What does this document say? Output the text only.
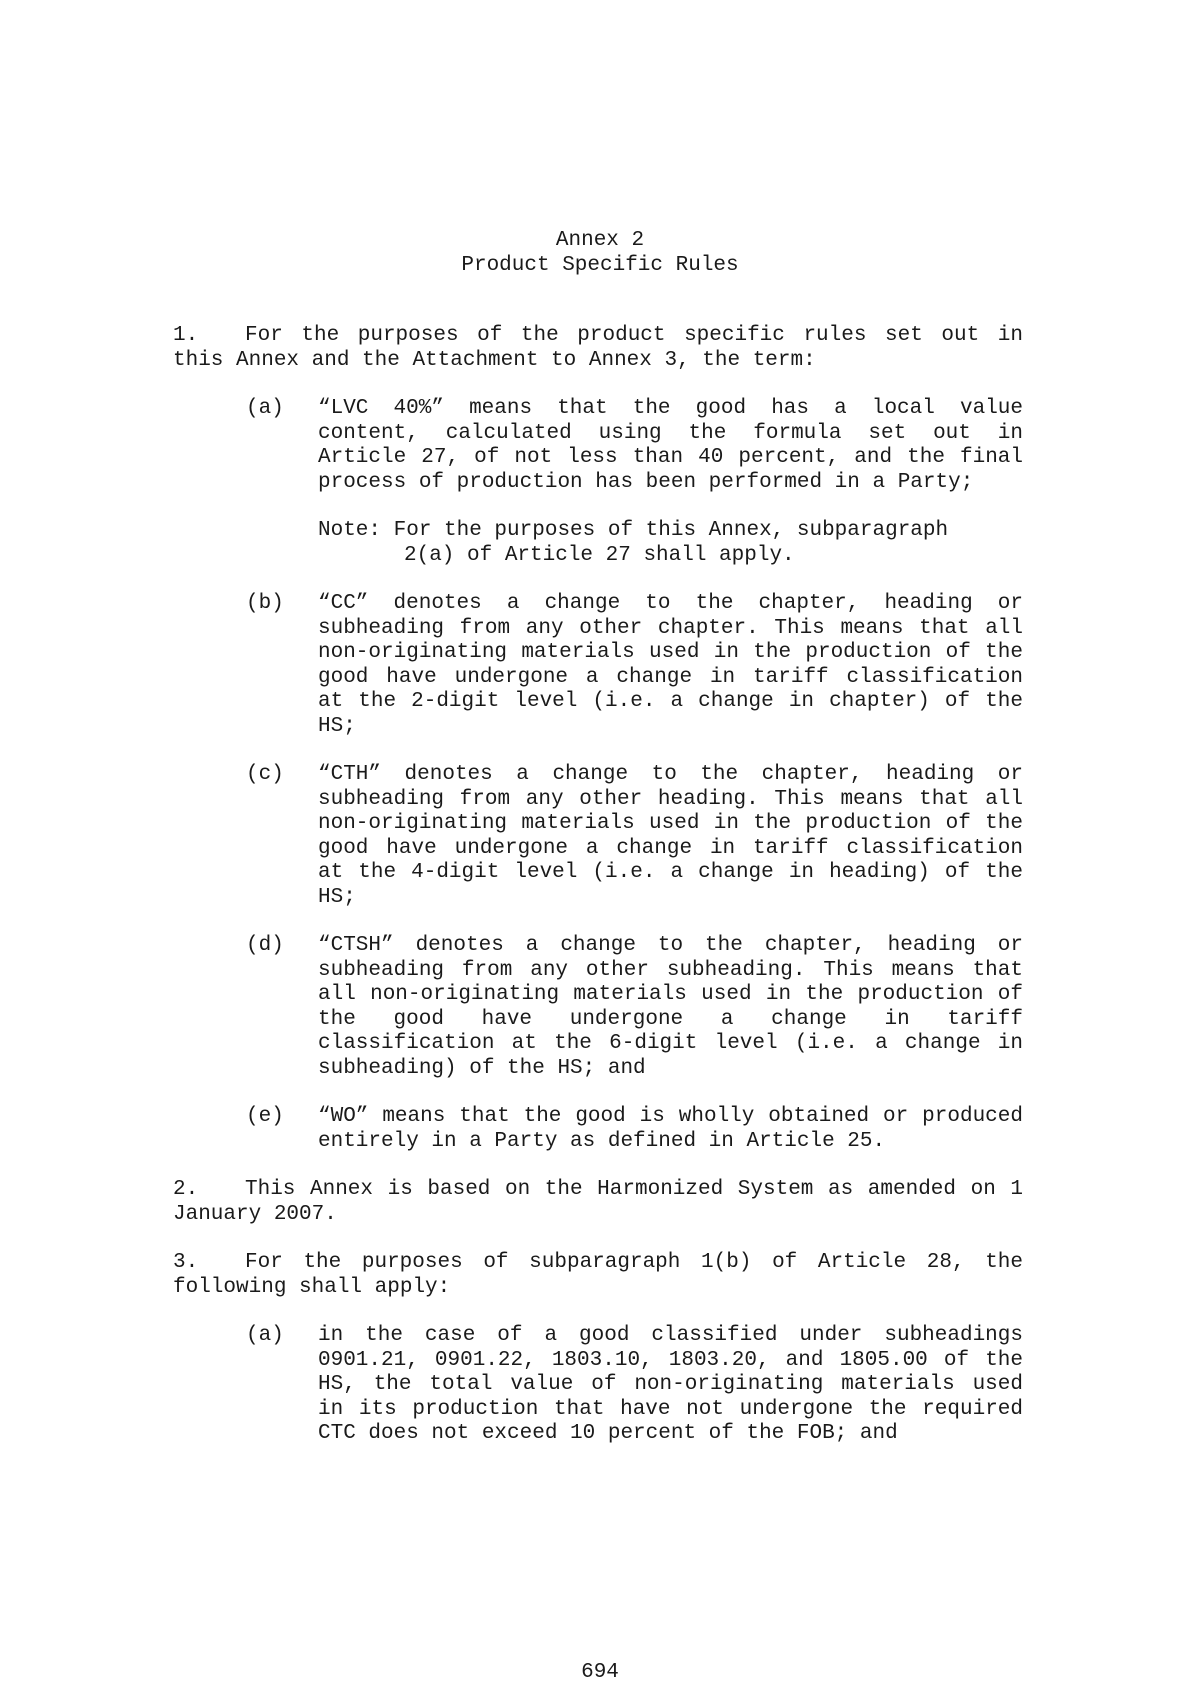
Annex 2
Product Specific Rules

1. For the purposes of the product specific rules set out in this Annex and the Attachment to Annex 3, the term:

(a) “LVC 40%” means that the good has a local value content, calculated using the formula set out in Article 27, of not less than 40 percent, and the final process of production has been performed in a Party;
Note: For the purposes of this Annex, subparagraph
2(a) of Article 27 shall apply.
(b) “CC” denotes a change to the chapter, heading or subheading from any other chapter. This means that all non-originating materials used in the production of the good have undergone a change in tariff classification at the 2-digit level (i.e. a change in chapter) of the HS;
(c) “CTH” denotes a change to the chapter, heading or subheading from any other heading. This means that all non-originating materials used in the production of the good have undergone a change in tariff classification at the 4-digit level (i.e. a change in heading) of the HS;
(d) “CTSH” denotes a change to the chapter, heading or subheading from any other subheading. This means that all non-originating materials used in the production of the good have undergone a change in tariff classification at the 6-digit level (i.e. a change in subheading) of the HS; and
(e) “WO” means that the good is wholly obtained or produced entirely in a Party as defined in Article 25.

2. This Annex is based on the Harmonized System as amended on 1 January 2007.

3. For the purposes of subparagraph 1(b) of Article 28, the following shall apply:

(a) in the case of a good classified under subheadings 0901.21, 0901.22, 1803.10, 1803.20, and 1805.00 of the HS, the total value of non-originating materials used in its production that have not undergone the required CTC does not exceed 10 percent of the FOB; and
694
